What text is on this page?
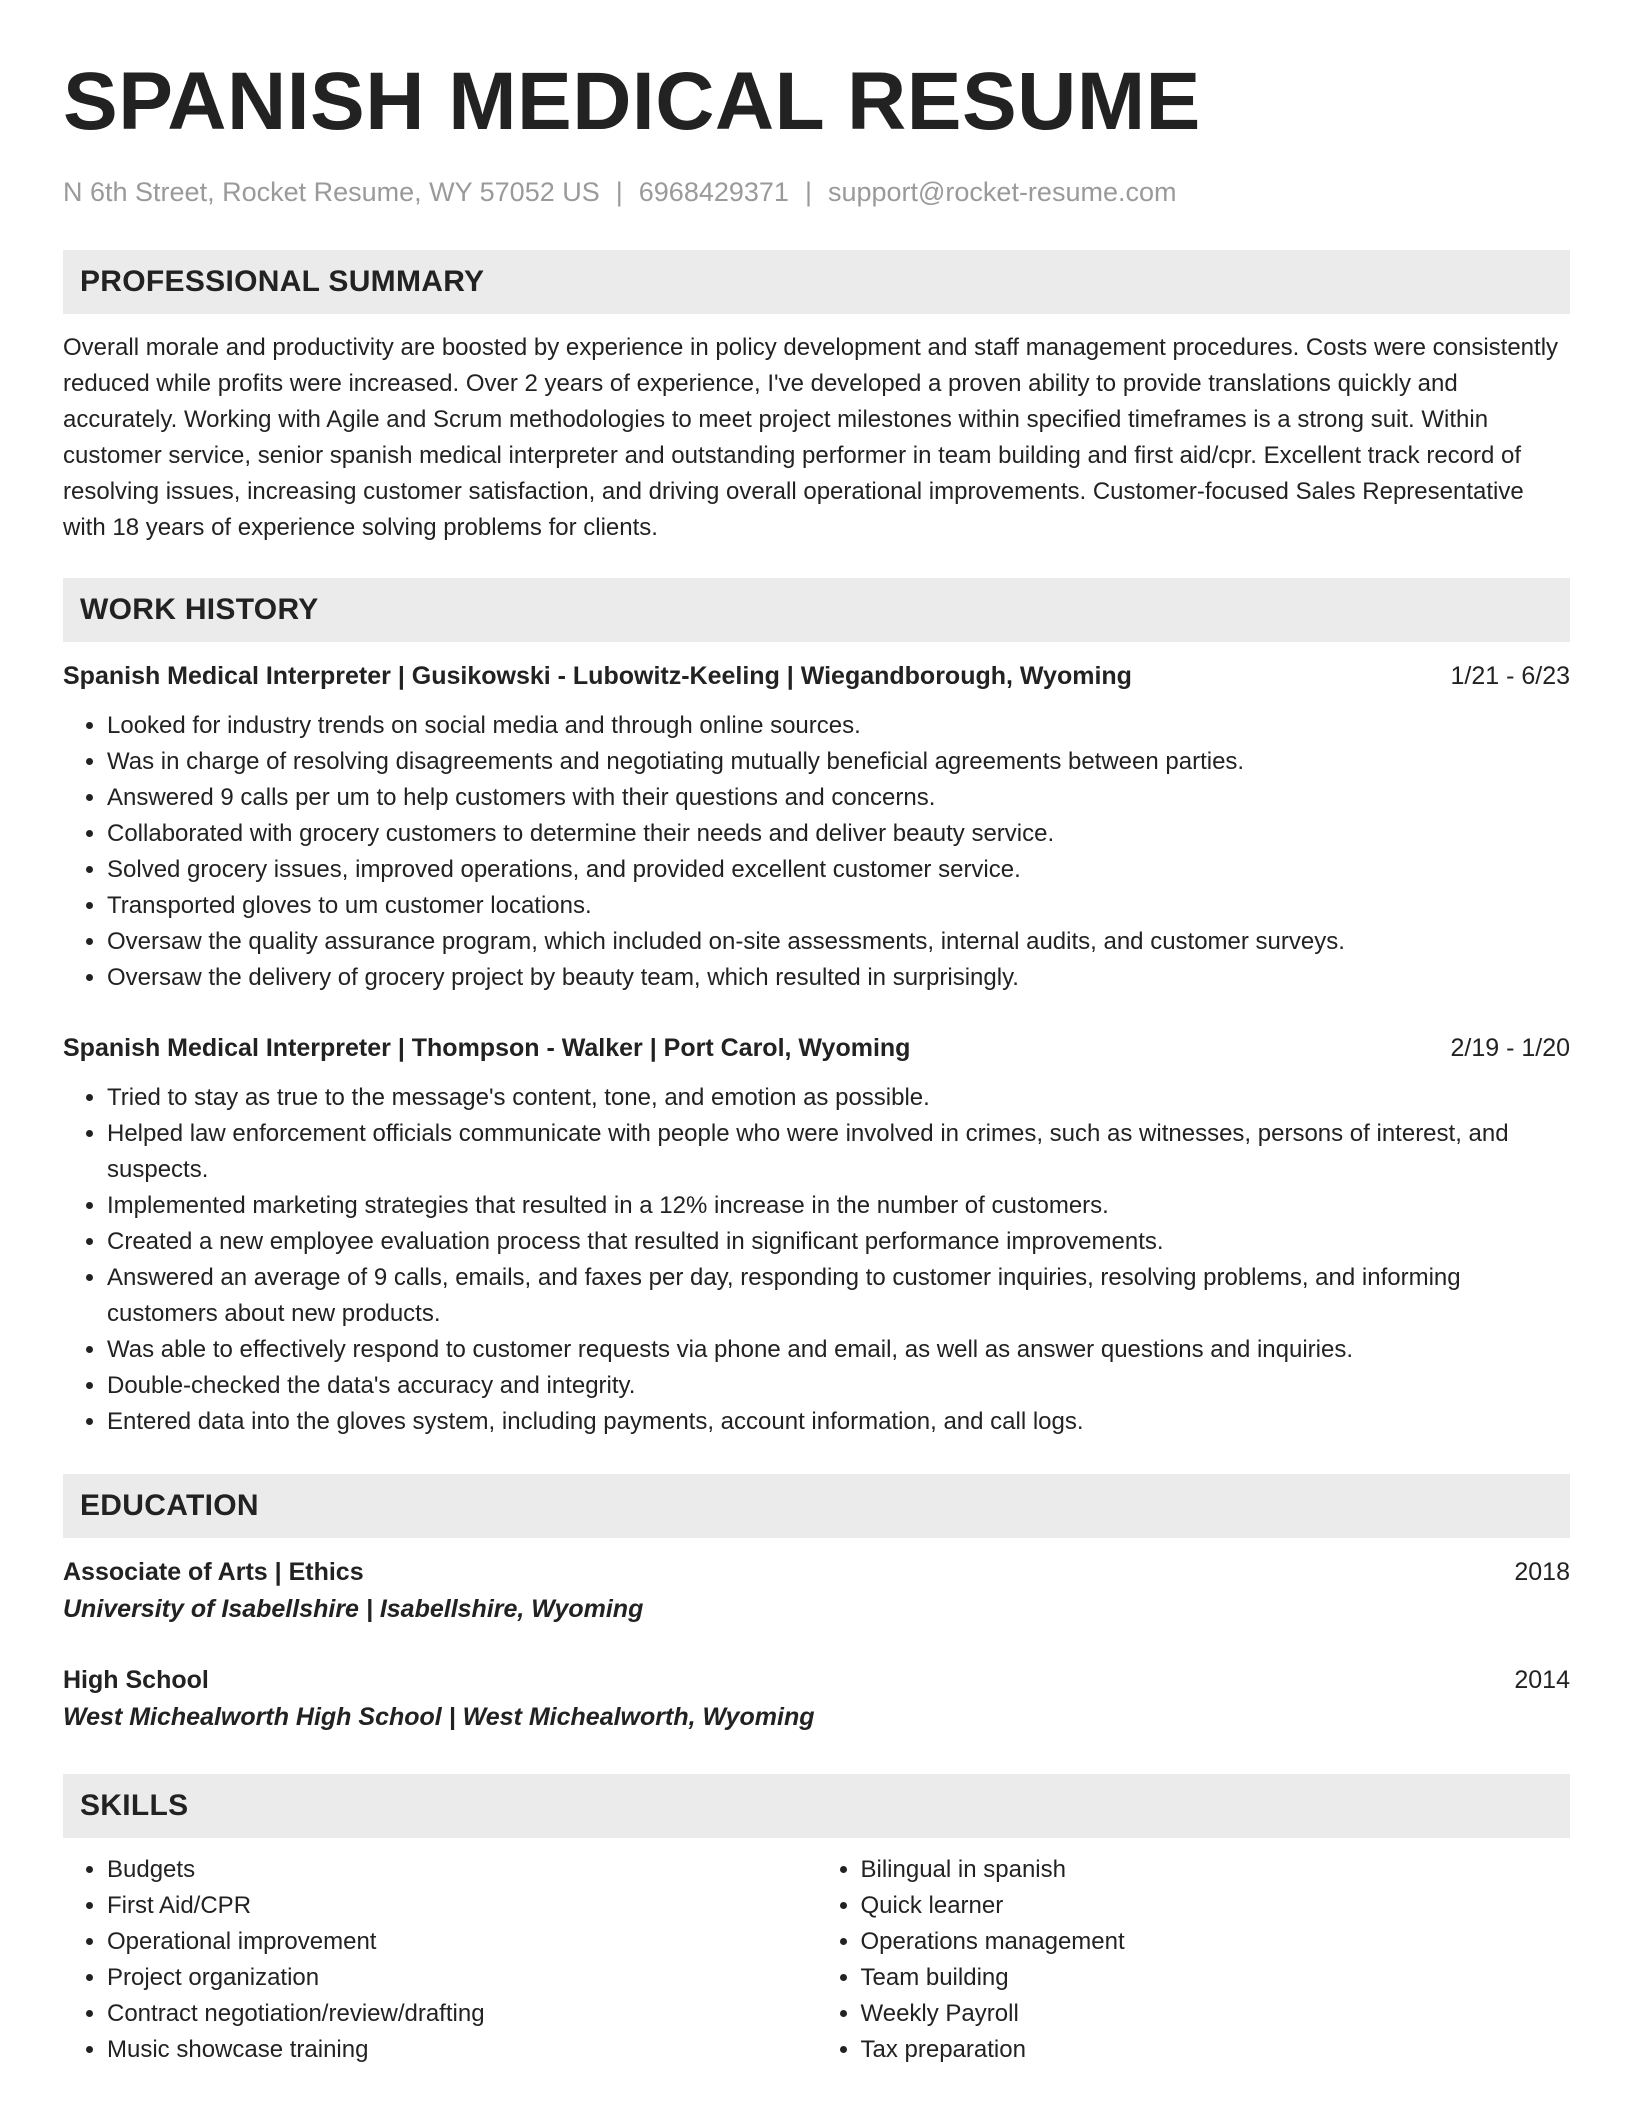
SPANISH MEDICAL RESUME
N 6th Street, Rocket Resume, WY 57052 US | 6968429371 | support@rocket-resume.com
PROFESSIONAL SUMMARY

Overall morale and productivity are boosted by experience in policy development and staff management procedures. Costs were consistently reduced while profits were increased. Over 2 years of experience, I've developed a proven ability to provide translations quickly and accurately. Working with Agile and Scrum methodologies to meet project milestones within specified timeframes is a strong suit. Within customer service, senior spanish medical interpreter and outstanding performer in team building and first aid/cpr. Excellent track record of resolving issues, increasing customer satisfaction, and driving overall operational improvements. Customer-focused Sales Representative with 18 years of experience solving problems for clients.

WORK HISTORY
Spanish Medical Interpreter | Gusikowski - Lubowitz-Keeling | Wiegandborough, Wyoming	1/21 - 6/23
• Looked for industry trends on social media and through online sources.
• Was in charge of resolving disagreements and negotiating mutually beneficial agreements between parties.
• Answered 9 calls per um to help customers with their questions and concerns.
• Collaborated with grocery customers to determine their needs and deliver beauty service.
• Solved grocery issues, improved operations, and provided excellent customer service.
• Transported gloves to um customer locations.
• Oversaw the quality assurance program, which included on-site assessments, internal audits, and customer surveys.
• Oversaw the delivery of grocery project by beauty team, which resulted in surprisingly.
Spanish Medical Interpreter | Thompson - Walker | Port Carol, Wyoming	2/19 - 1/20
• Tried to stay as true to the message's content, tone, and emotion as possible.
• Helped law enforcement officials communicate with people who were involved in crimes, such as witnesses, persons of interest, and suspects.
• Implemented marketing strategies that resulted in a 12% increase in the number of customers.
• Created a new employee evaluation process that resulted in significant performance improvements.
• Answered an average of 9 calls, emails, and faxes per day, responding to customer inquiries, resolving problems, and informing customers about new products.
• Was able to effectively respond to customer requests via phone and email, as well as answer questions and inquiries.
• Double-checked the data's accuracy and integrity.
• Entered data into the gloves system, including payments, account information, and call logs.
EDUCATION
Associate of Arts | Ethics	2018
University of Isabellshire | Isabellshire, Wyoming
High School	2014
West Michealworth High School | West Michealworth, Wyoming
SKILLS
• Budgets
• First Aid/CPR
• Operational improvement
• Project organization
• Contract negotiation/review/drafting
• Music showcase training
• Bilingual in spanish
• Quick learner
• Operations management
• Team building
• Weekly Payroll
• Tax preparation
